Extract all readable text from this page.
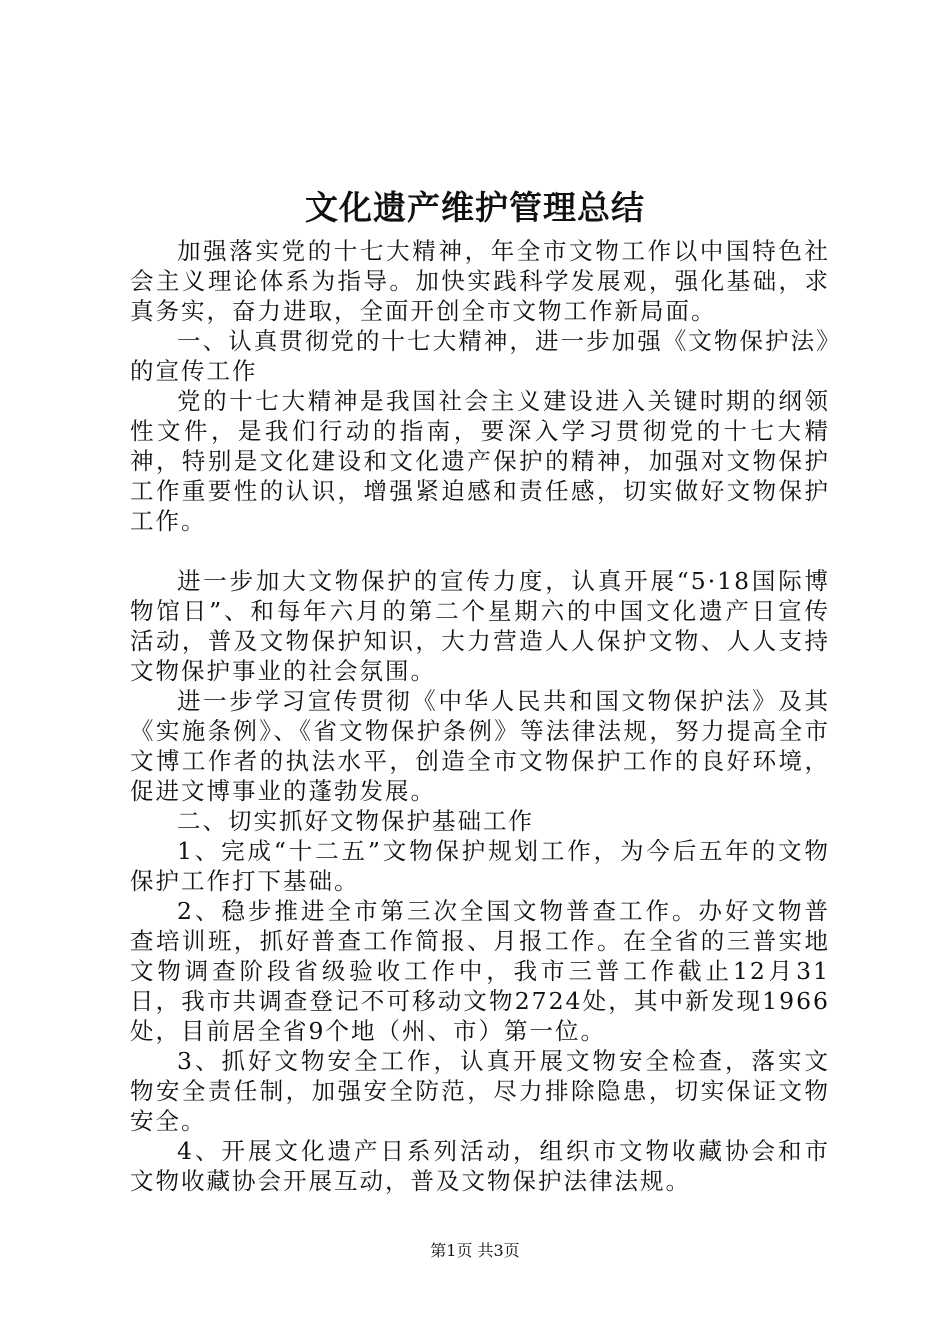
文化遗产维护管理总结

加强落实党的十七大精神，年全市文物工作以中国特色社会主义理论体系为指导。加快实践科学发展观，强化基础，求真务实，奋力进取，全面开创全市文物工作新局面。

一、认真贯彻党的十七大精神，进一步加强《文物保护法》的宣传工作

党的十七大精神是我国社会主义建设进入关键时期的纲领性文件，是我们行动的指南，要深入学习贯彻党的十七大精神，特别是文化建设和文化遗产保护的精神，加强对文物保护工作重要性的认识，增强紧迫感和责任感，切实做好文物保护工作。

进一步加大文物保护的宣传力度，认真开展“5·18国际博物馆日”、和每年六月的第二个星期六的中国文化遗产日宣传活动，普及文物保护知识，大力营造人人保护文物、人人支持文物保护事业的社会氛围。

进一步学习宣传贯彻《中华人民共和国文物保护法》及其《实施条例》、《省文物保护条例》等法律法规，努力提高全市文博工作者的执法水平，创造全市文物保护工作的良好环境，促进文博事业的蓬勃发展。

二、切实抓好文物保护基础工作

1、完成“十二五”文物保护规划工作，为今后五年的文物保护工作打下基础。

2、稳步推进全市第三次全国文物普查工作。办好文物普查培训班，抓好普查工作简报、月报工作。在全省的三普实地文物调查阶段省级验收工作中，我市三普工作截止12月31日，我市共调查登记不可移动文物2724处，其中新发现1966处，目前居全省9个地（州、市）第一位。

3、抓好文物安全工作，认真开展文物安全检查，落实文物安全责任制，加强安全防范，尽力排除隐患，切实保证文物安全。

4、开展文化遗产日系列活动，组织市文物收藏协会和市文物收藏协会开展互动，普及文物保护法律法规。

第1页 共3页
